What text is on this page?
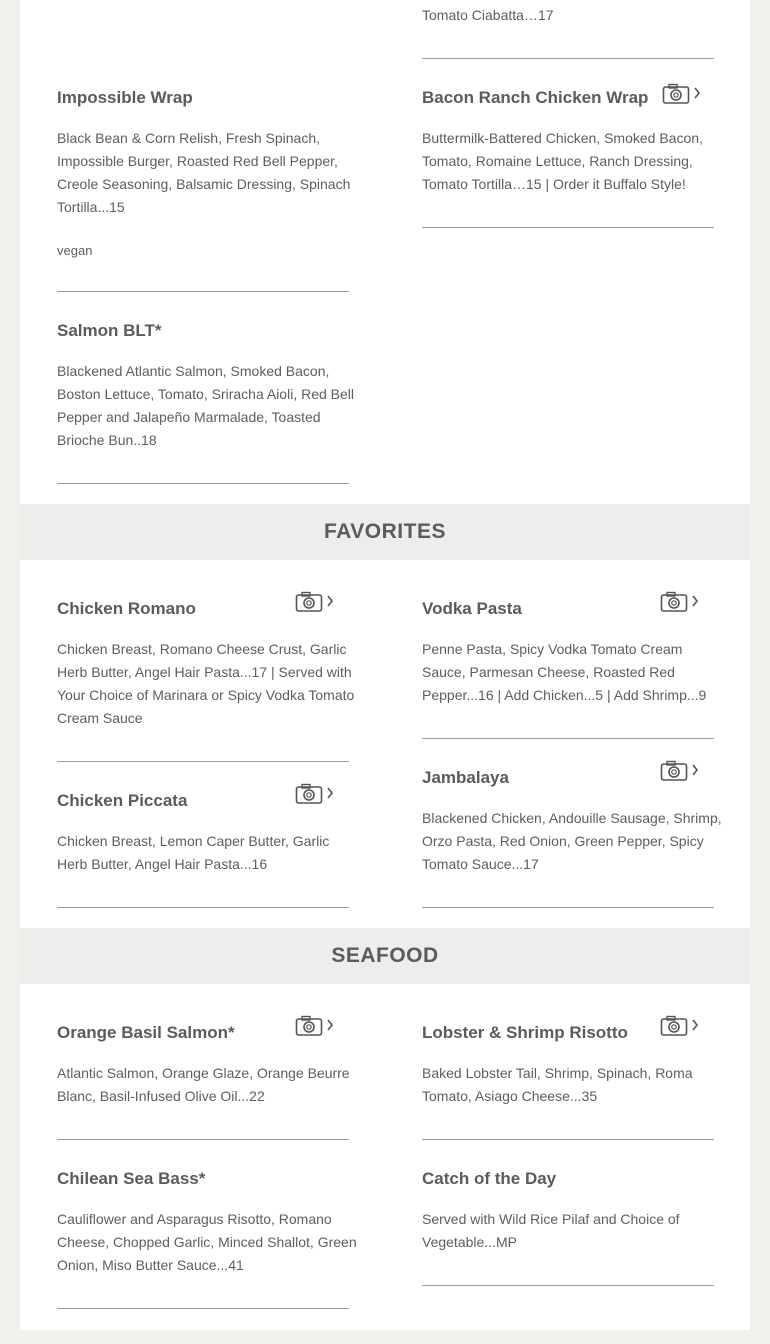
Tomato Ciabatta…17
Impossible Wrap
Black Bean & Corn Relish, Fresh Spinach, Impossible Burger, Roasted Red Bell Pepper, Creole Seasoning, Balsamic Dressing, Spinach Tortilla...15
vegan
Bacon Ranch Chicken Wrap
Buttermilk-Battered Chicken, Smoked Bacon, Tomato, Romaine Lettuce, Ranch Dressing, Tomato Tortilla…15 | Order it Buffalo Style!
Salmon BLT*
Blackened Atlantic Salmon, Smoked Bacon, Boston Lettuce, Tomato, Sriracha Aioli, Red Bell Pepper and Jalapeño Marmalade, Toasted Brioche Bun..18
FAVORITES
Chicken Romano
Chicken Breast, Romano Cheese Crust, Garlic Herb Butter, Angel Hair Pasta...17 | Served with Your Choice of Marinara or Spicy Vodka Tomato Cream Sauce
Vodka Pasta
Penne Pasta, Spicy Vodka Tomato Cream Sauce, Parmesan Cheese, Roasted Red Pepper...16 | Add Chicken...5 | Add Shrimp...9
Chicken Piccata
Chicken Breast, Lemon Caper Butter, Garlic Herb Butter, Angel Hair Pasta...16
Jambalaya
Blackened Chicken, Andouille Sausage, Shrimp, Orzo Pasta, Red Onion, Green Pepper, Spicy Tomato Sauce...17
SEAFOOD
Orange Basil Salmon*
Atlantic Salmon, Orange Glaze, Orange Beurre Blanc, Basil-Infused Olive Oil...22
Lobster & Shrimp Risotto
Baked Lobster Tail, Shrimp, Spinach, Roma Tomato, Asiago Cheese...35
Chilean Sea Bass*
Cauliflower and Asparagus Risotto, Romano Cheese, Chopped Garlic, Minced Shallot, Green Onion, Miso Butter Sauce...41
Catch of the Day
Served with Wild Rice Pilaf and Choice of Vegetable...MP
